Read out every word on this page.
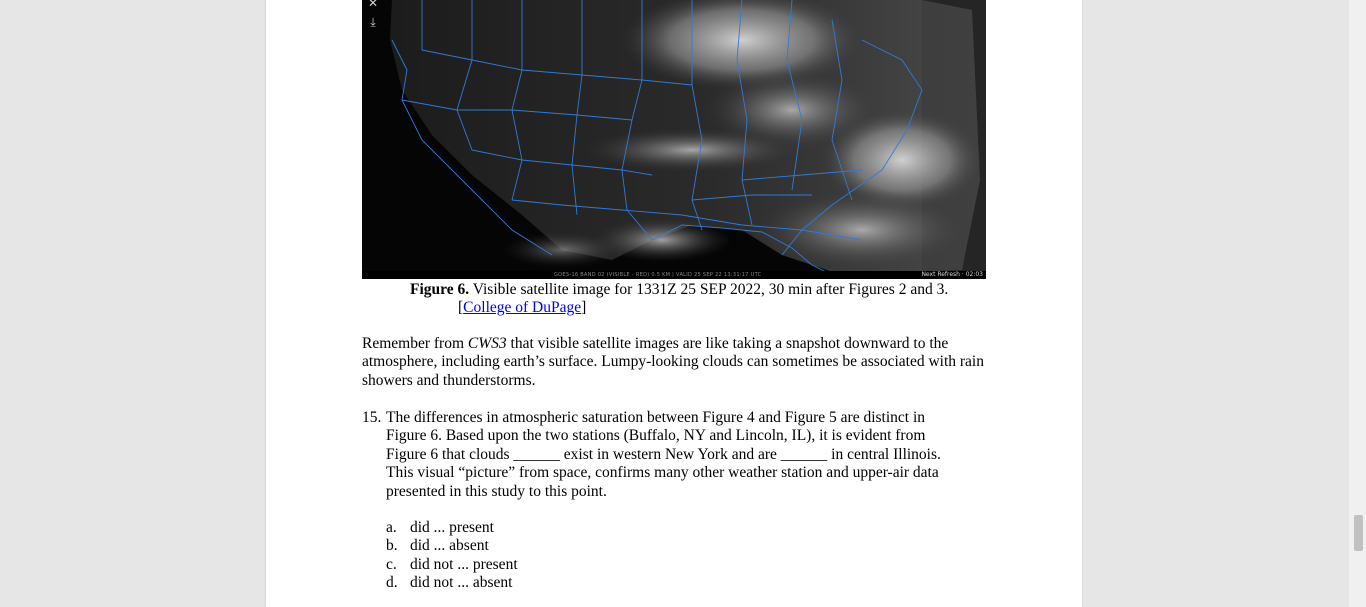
✕
⤓
GOES-16 BAND 02 (VISIBLE - RED) 0.5 KM | VALID 25 SEP 22 13:31:17 UTC	Next Refresh · 02:03
Figure 6. Visible satellite image for 1331Z 25 SEP 2022, 30 min after Figures 2 and 3.
[College of DuPage]

Remember from CWS3 that visible satellite images are like taking a snapshot downward to the atmosphere, including earth’s surface. Lumpy-looking clouds can sometimes be associated with rain showers and thunderstorms.

15. The differences in atmospheric saturation between Figure 4 and Figure 5 are distinct in
Figure 6. Based upon the two stations (Buffalo, NY and Lincoln, IL), it is evident from
Figure 6 that clouds ______ exist in western New York and are ______ in central Illinois.
This visual “picture” from space, confirms many other weather station and upper-air data
presented in this study to this point.
a. did ... present
b. did ... absent
c. did not ... present
d. did not ... absent
